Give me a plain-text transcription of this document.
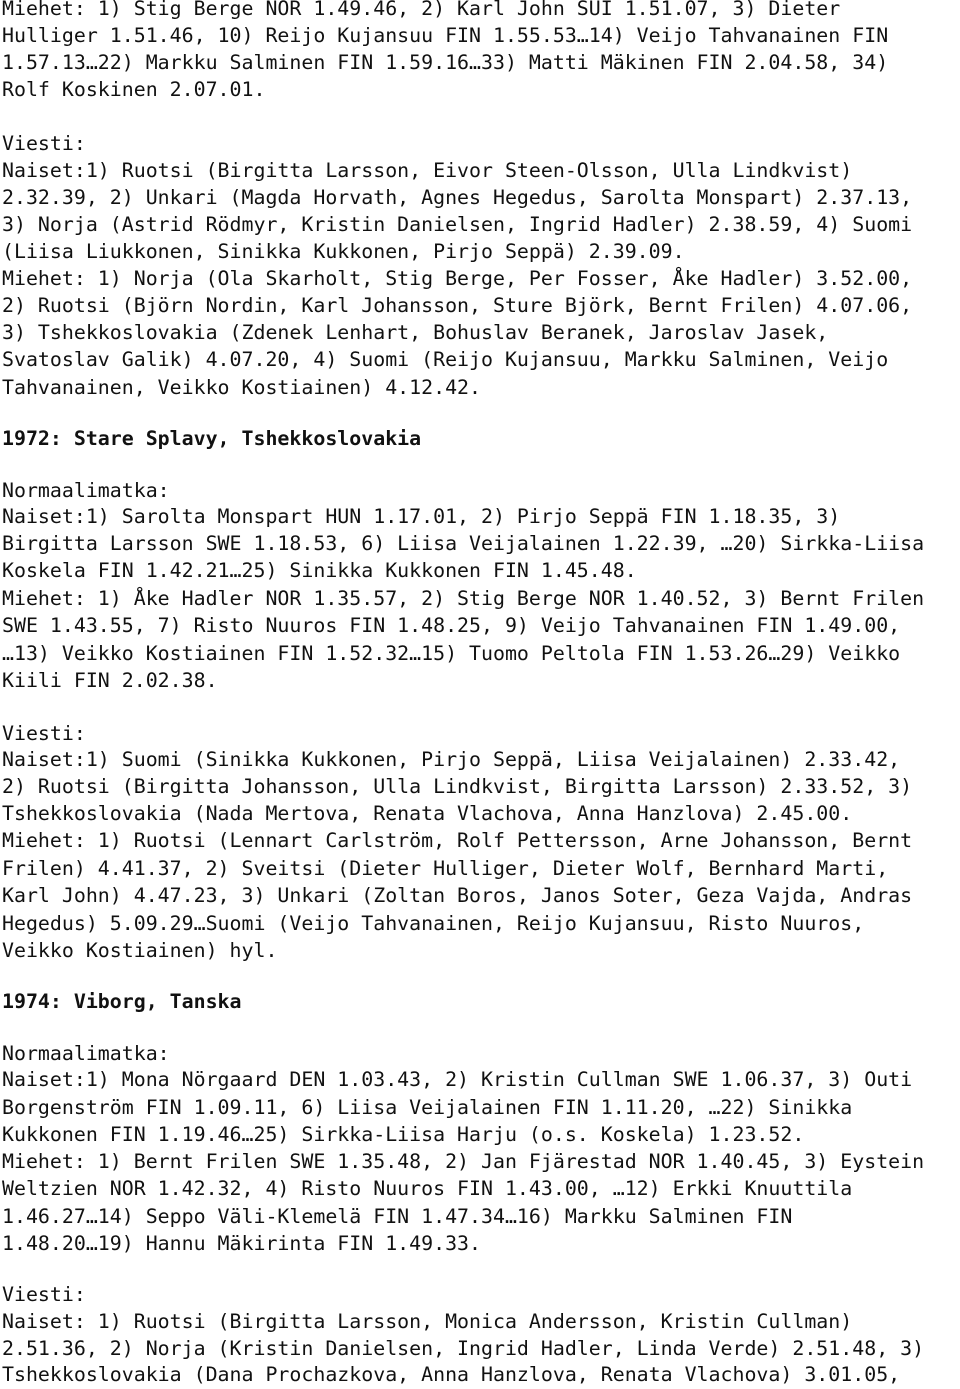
Miehet: 1) Stig Berge NOR 1.49.46, 2) Karl John SUI 1.51.07, 3) Dieter
Hulliger 1.51.46, 10) Reijo Kujansuu FIN 1.55.53…14) Veijo Tahvanainen FIN
1.57.13…22) Markku Salminen FIN 1.59.16…33) Matti Mäkinen FIN 2.04.58, 34)
Rolf Koskinen 2.07.01.
Viesti:
Naiset:1) Ruotsi (Birgitta Larsson, Eivor Steen-Olsson, Ulla Lindkvist)
2.32.39, 2) Unkari (Magda Horvath, Agnes Hegedus, Sarolta Monspart) 2.37.13,
3) Norja (Astrid Rödmyr, Kristin Danielsen, Ingrid Hadler) 2.38.59, 4) Suomi
(Liisa Liukkonen, Sinikka Kukkonen, Pirjo Seppä) 2.39.09.
Miehet: 1) Norja (Ola Skarholt, Stig Berge, Per Fosser, Åke Hadler) 3.52.00,
2) Ruotsi (Björn Nordin, Karl Johansson, Sture Björk, Bernt Frilen) 4.07.06,
3) Tshekkoslovakia (Zdenek Lenhart, Bohuslav Beranek, Jaroslav Jasek,
Svatoslav Galik) 4.07.20, 4) Suomi (Reijo Kujansuu, Markku Salminen, Veijo
Tahvanainen, Veikko Kostiainen) 4.12.42.
1972: Stare Splavy, Tshekkoslovakia
Normaalimatka:
Naiset:1) Sarolta Monspart HUN 1.17.01, 2) Pirjo Seppä FIN 1.18.35, 3)
Birgitta Larsson SWE 1.18.53, 6) Liisa Veijalainen 1.22.39, …20) Sirkka-Liisa
Koskela FIN 1.42.21…25) Sinikka Kukkonen FIN 1.45.48.
Miehet: 1) Åke Hadler NOR 1.35.57, 2) Stig Berge NOR 1.40.52, 3) Bernt Frilen
SWE 1.43.55, 7) Risto Nuuros FIN 1.48.25, 9) Veijo Tahvanainen FIN 1.49.00,
…13) Veikko Kostiainen FIN 1.52.32…15) Tuomo Peltola FIN 1.53.26…29) Veikko
Kiili FIN 2.02.38.
Viesti:
Naiset:1) Suomi (Sinikka Kukkonen, Pirjo Seppä, Liisa Veijalainen) 2.33.42,
2) Ruotsi (Birgitta Johansson, Ulla Lindkvist, Birgitta Larsson) 2.33.52, 3)
Tshekkoslovakia (Nada Mertova, Renata Vlachova, Anna Hanzlova) 2.45.00.
Miehet: 1) Ruotsi (Lennart Carlström, Rolf Pettersson, Arne Johansson, Bernt
Frilen) 4.41.37, 2) Sveitsi (Dieter Hulliger, Dieter Wolf, Bernhard Marti,
Karl John) 4.47.23, 3) Unkari (Zoltan Boros, Janos Soter, Geza Vajda, Andras
Hegedus) 5.09.29…Suomi (Veijo Tahvanainen, Reijo Kujansuu, Risto Nuuros,
Veikko Kostiainen) hyl.
1974: Viborg, Tanska
Normaalimatka:
Naiset:1) Mona Nörgaard DEN 1.03.43, 2) Kristin Cullman SWE 1.06.37, 3) Outi
Borgenström FIN 1.09.11, 6) Liisa Veijalainen FIN 1.11.20, …22) Sinikka
Kukkonen FIN 1.19.46…25) Sirkka-Liisa Harju (o.s. Koskela) 1.23.52.
Miehet: 1) Bernt Frilen SWE 1.35.48, 2) Jan Fjärestad NOR 1.40.45, 3) Eystein
Weltzien NOR 1.42.32, 4) Risto Nuuros FIN 1.43.00, …12) Erkki Knuuttila
1.46.27…14) Seppo Väli-Klemelä FIN 1.47.34…16) Markku Salminen FIN
1.48.20…19) Hannu Mäkirinta FIN 1.49.33.
Viesti:
Naiset: 1) Ruotsi (Birgitta Larsson, Monica Andersson, Kristin Cullman)
2.51.36, 2) Norja (Kristin Danielsen, Ingrid Hadler, Linda Verde) 2.51.48, 3)
Tshekkoslovakia (Dana Prochazkova, Anna Hanzlova, Renata Vlachova) 3.01.05,
